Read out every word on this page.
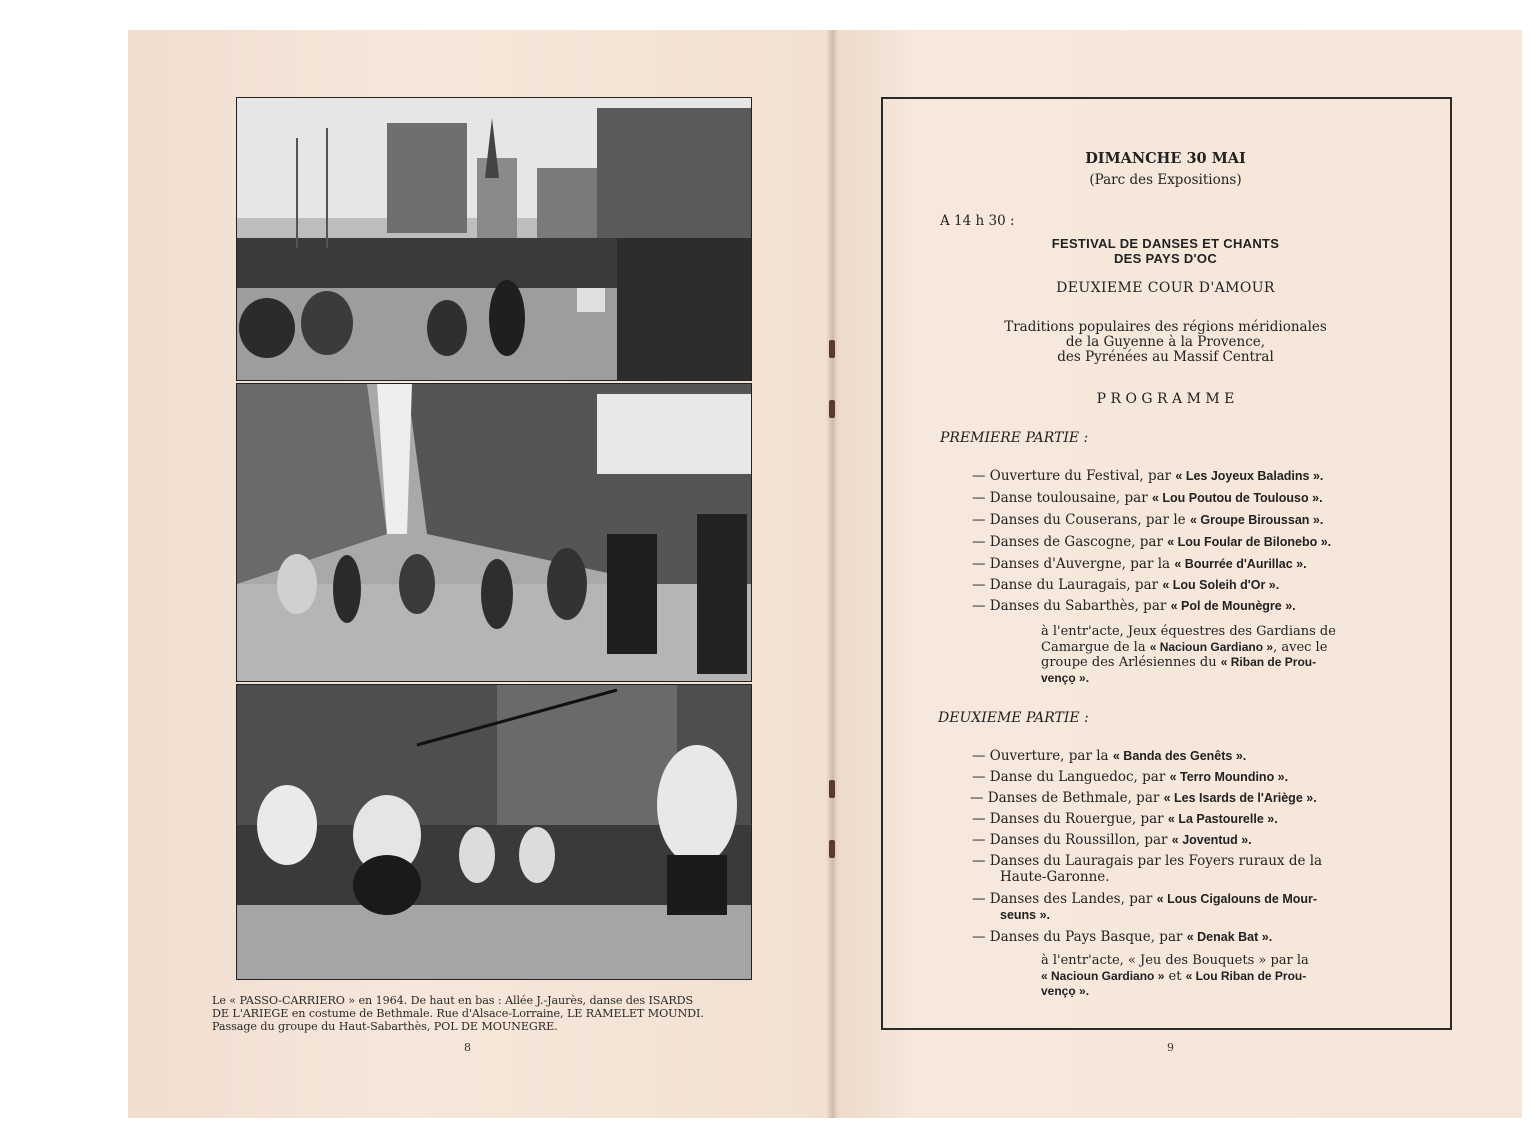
Le « PASSO-CARRIERO » en 1964. De haut en bas : Allée J.-Jaurès, danse des ISARDS
DE L'ARIEGE en costume de Bethmale. Rue d'Alsace-Lorraine, LE RAMELET MOUNDI.
Passage du groupe du Haut-Sabarthès, POL DE MOUNEGRE.
8
DIMANCHE 30 MAI
(Parc des Expositions)
A 14 h 30 :
FESTIVAL DE DANSES ET CHANTS
DES PAYS D'OC
DEUXIEME COUR D'AMOUR
Traditions populaires des régions méridionales
de la Guyenne à la Provence,
des Pyrénées au Massif Central
P R O G R A M M E
PREMIERE PARTIE :
— Ouverture du Festival, par « Les Joyeux Baladins ».
— Danse toulousaine, par « Lou Poutou de Toulouso ».
— Danses du Couserans, par le « Groupe Biroussan ».
— Danses de Gascogne, par « Lou Foular de Bilonebo ».
— Danses d'Auvergne, par la « Bourrée d'Aurillac ».
— Danse du Lauragais, par « Lou Soleih d'Or ».
— Danses du Sabarthès, par « Pol de Mounègre ».
à l'entr'acte, Jeux équestres des Gardians de
Camargue de la « Nacioun Gardiano », avec le
groupe des Arlésiennes du « Riban de Prou-
vençọ ».
DEUXIEME PARTIE :
— Ouverture, par la « Banda des Genêts ».
— Danse du Languedoc, par « Terro Moundino ».
— Danses de Bethmale, par « Les Isards de l'Ariège ».
— Danses du Rouergue, par « La Pastourelle ».
— Danses du Roussillon, par « Joventud ».
— Danses du Lauragais par les Foyers ruraux de la
Haute-Garonne.
— Danses des Landes, par « Lous Cigalouns de Mour-
seuns ».
— Danses du Pays Basque, par « Denak Bat ».
à l'entr'acte, « Jeu des Bouquets » par la
« Nacioun Gardiano » et « Lou Riban de Prou-
vençọ ».
9
